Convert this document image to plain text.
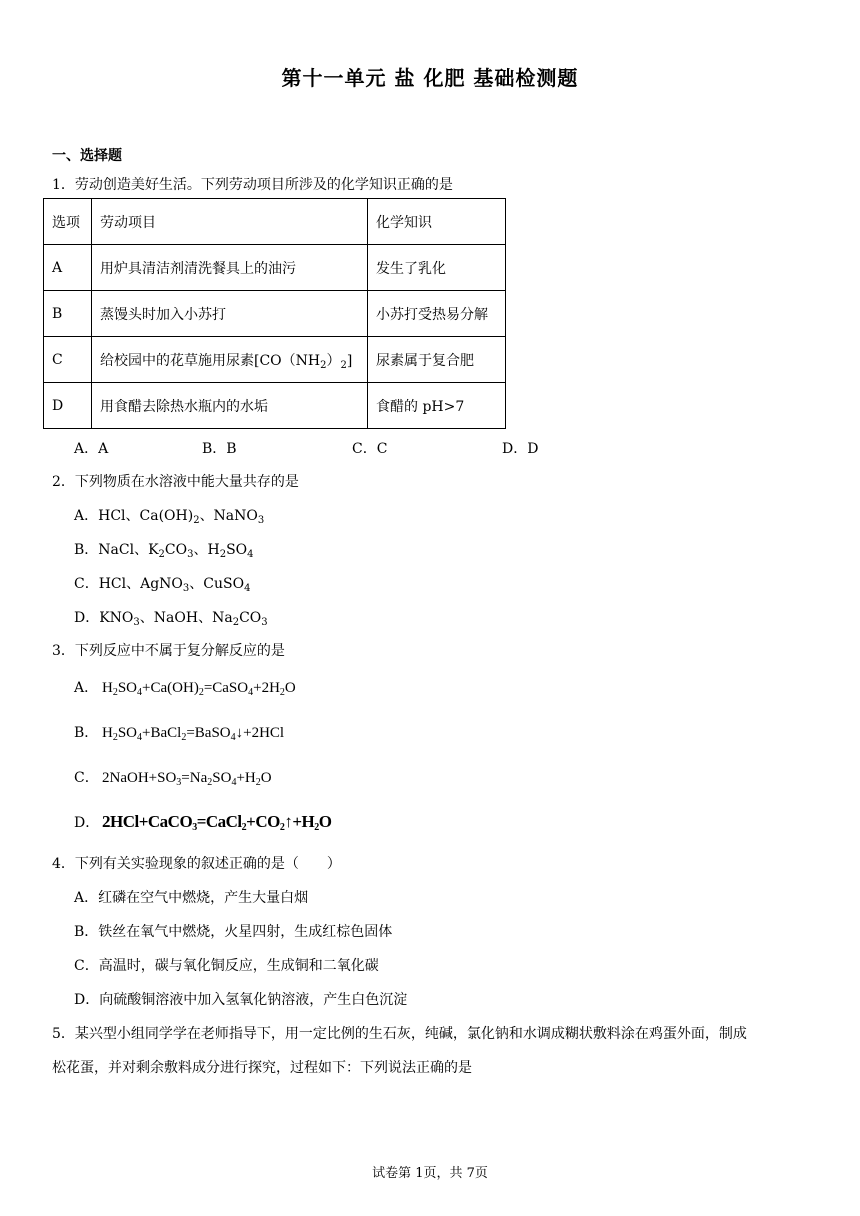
第十一单元 盐 化肥 基础检测题
一、选择题
1．劳动创造美好生活。下列劳动项目所涉及的化学知识正确的是
选项	劳动项目	化学知识
A	用炉具清洁剂清洗餐具上的油污	发生了乳化
B	蒸馒头时加入小苏打	小苏打受热易分解
C	给校园中的花草施用尿素$[CO(NH_2)_2]$	尿素属于复合肥
D	用食醋去除热水瓶内的水垢	食醋的 pH>7
A．A	B．B	C．C	D．D
2．下列物质在水溶液中能大量共存的是
A．HCl、$Ca(OH)_2$、NaNO$_3$
B．NaCl、$K_2CO_3$、$H_2SO_4$
C．HCl、AgNO$_3$、CuSO$_4$
D．$KNO_3$、NaOH、$Na_2CO_3$
3．下列反应中不属于复分解反应的是
A． $H_2SO_4+Ca(OH)_2=CaSO_4+2H_2O$
B． $H_2SO_4+BaCl_2=BaSO_4↓+2HCl$
C． $2NaOH+SO_3=Na_2SO_4+H_2O$
D． $2HCl+CaCO_3=CaCl_2+CO_2↑+H_2O$
4．下列有关实验现象的叙述正确的是（　　）
A．红磷在空气中燃烧，产生大量白烟
B．铁丝在氧气中燃烧，火星四射，生成红棕色固体
C．高温时，碳与氧化铜反应，生成铜和二氧化碳
D．向硫酸铜溶液中加入氢氧化钠溶液，产生白色沉淀
5．某兴型小组同学学在老师指导下，用一定比例的生石灰，纯碱，氯化钠和水调成糊状敷料涂在鸡蛋外面，制成
松花蛋，并对剩余敷料成分进行探究，过程如下：下列说法正确的是
试卷第 1页，共 7页
